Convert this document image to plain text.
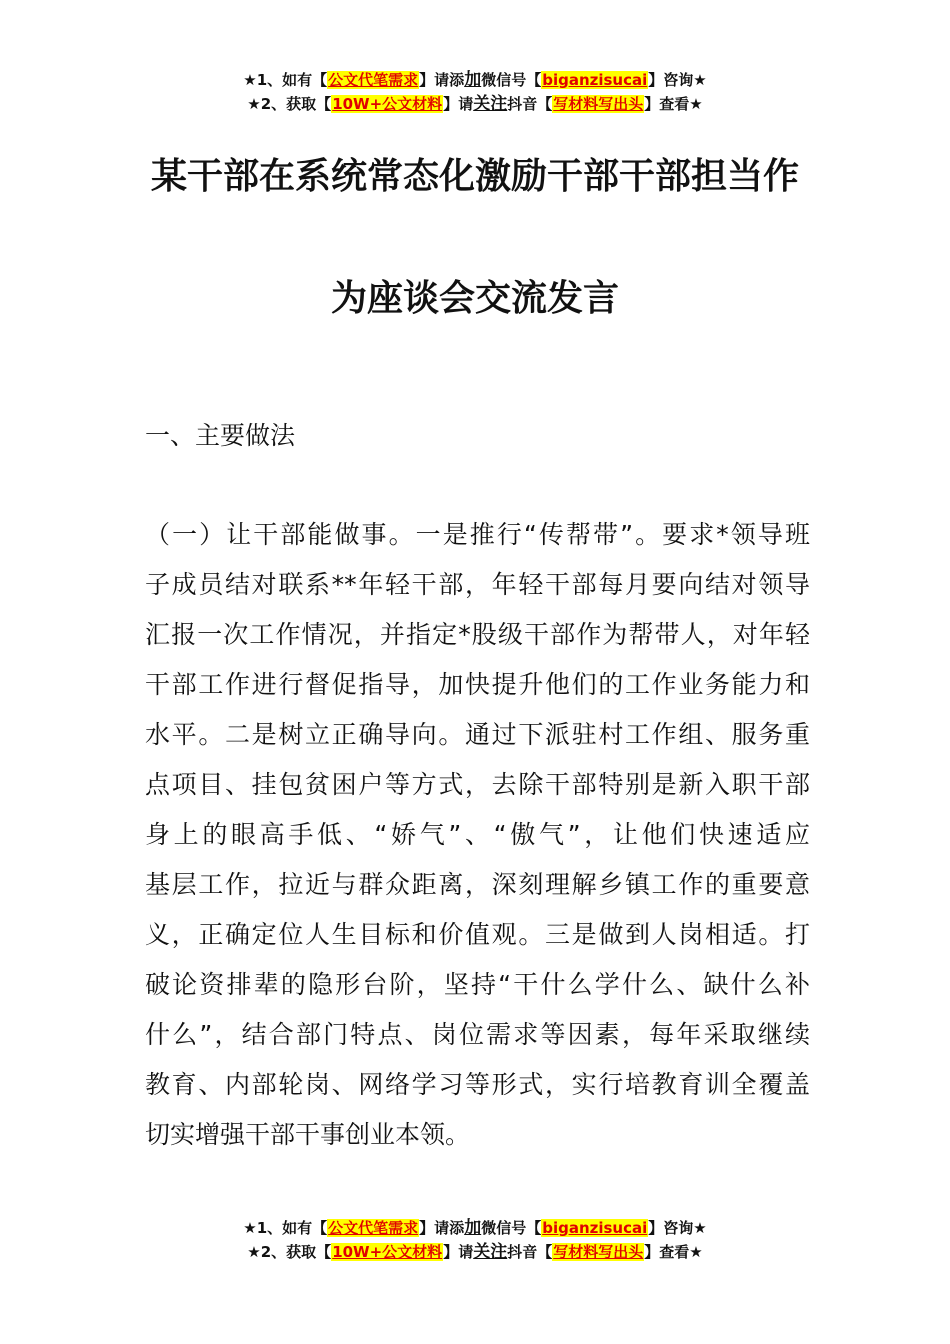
★1、如有【公文代笔需求】请添加微信号【biganzisucai】咨询★
★2、获取【10W+公文材料】请关注抖音【写材料写出头】查看★
某干部在系统常态化激励干部干部担当作
为座谈会交流发言
一、主要做法
（一）让干部能做事。一是推行“传帮带”。要求*领导班
子成员结对联系**年轻干部，年轻干部每月要向结对领导
汇报一次工作情况，并指定*股级干部作为帮带人，对年轻
干部工作进行督促指导，加快提升他们的工作业务能力和
水平。二是树立正确导向。通过下派驻村工作组、服务重
点项目、挂包贫困户等方式，去除干部特别是新入职干部
身上的眼高手低、“娇气”、“傲气”，让他们快速适应
基层工作，拉近与群众距离，深刻理解乡镇工作的重要意
义，正确定位人生目标和价值观。三是做到人岗相适。打
破论资排辈的隐形台阶，坚持“干什么学什么、缺什么补
什么”，结合部门特点、岗位需求等因素，每年采取继续
教育、内部轮岗、网络学习等形式，实行培教育训全覆盖
切实增强干部干事创业本领。
★1、如有【公文代笔需求】请添加微信号【biganzisucai】咨询★
★2、获取【10W+公文材料】请关注抖音【写材料写出头】查看★
